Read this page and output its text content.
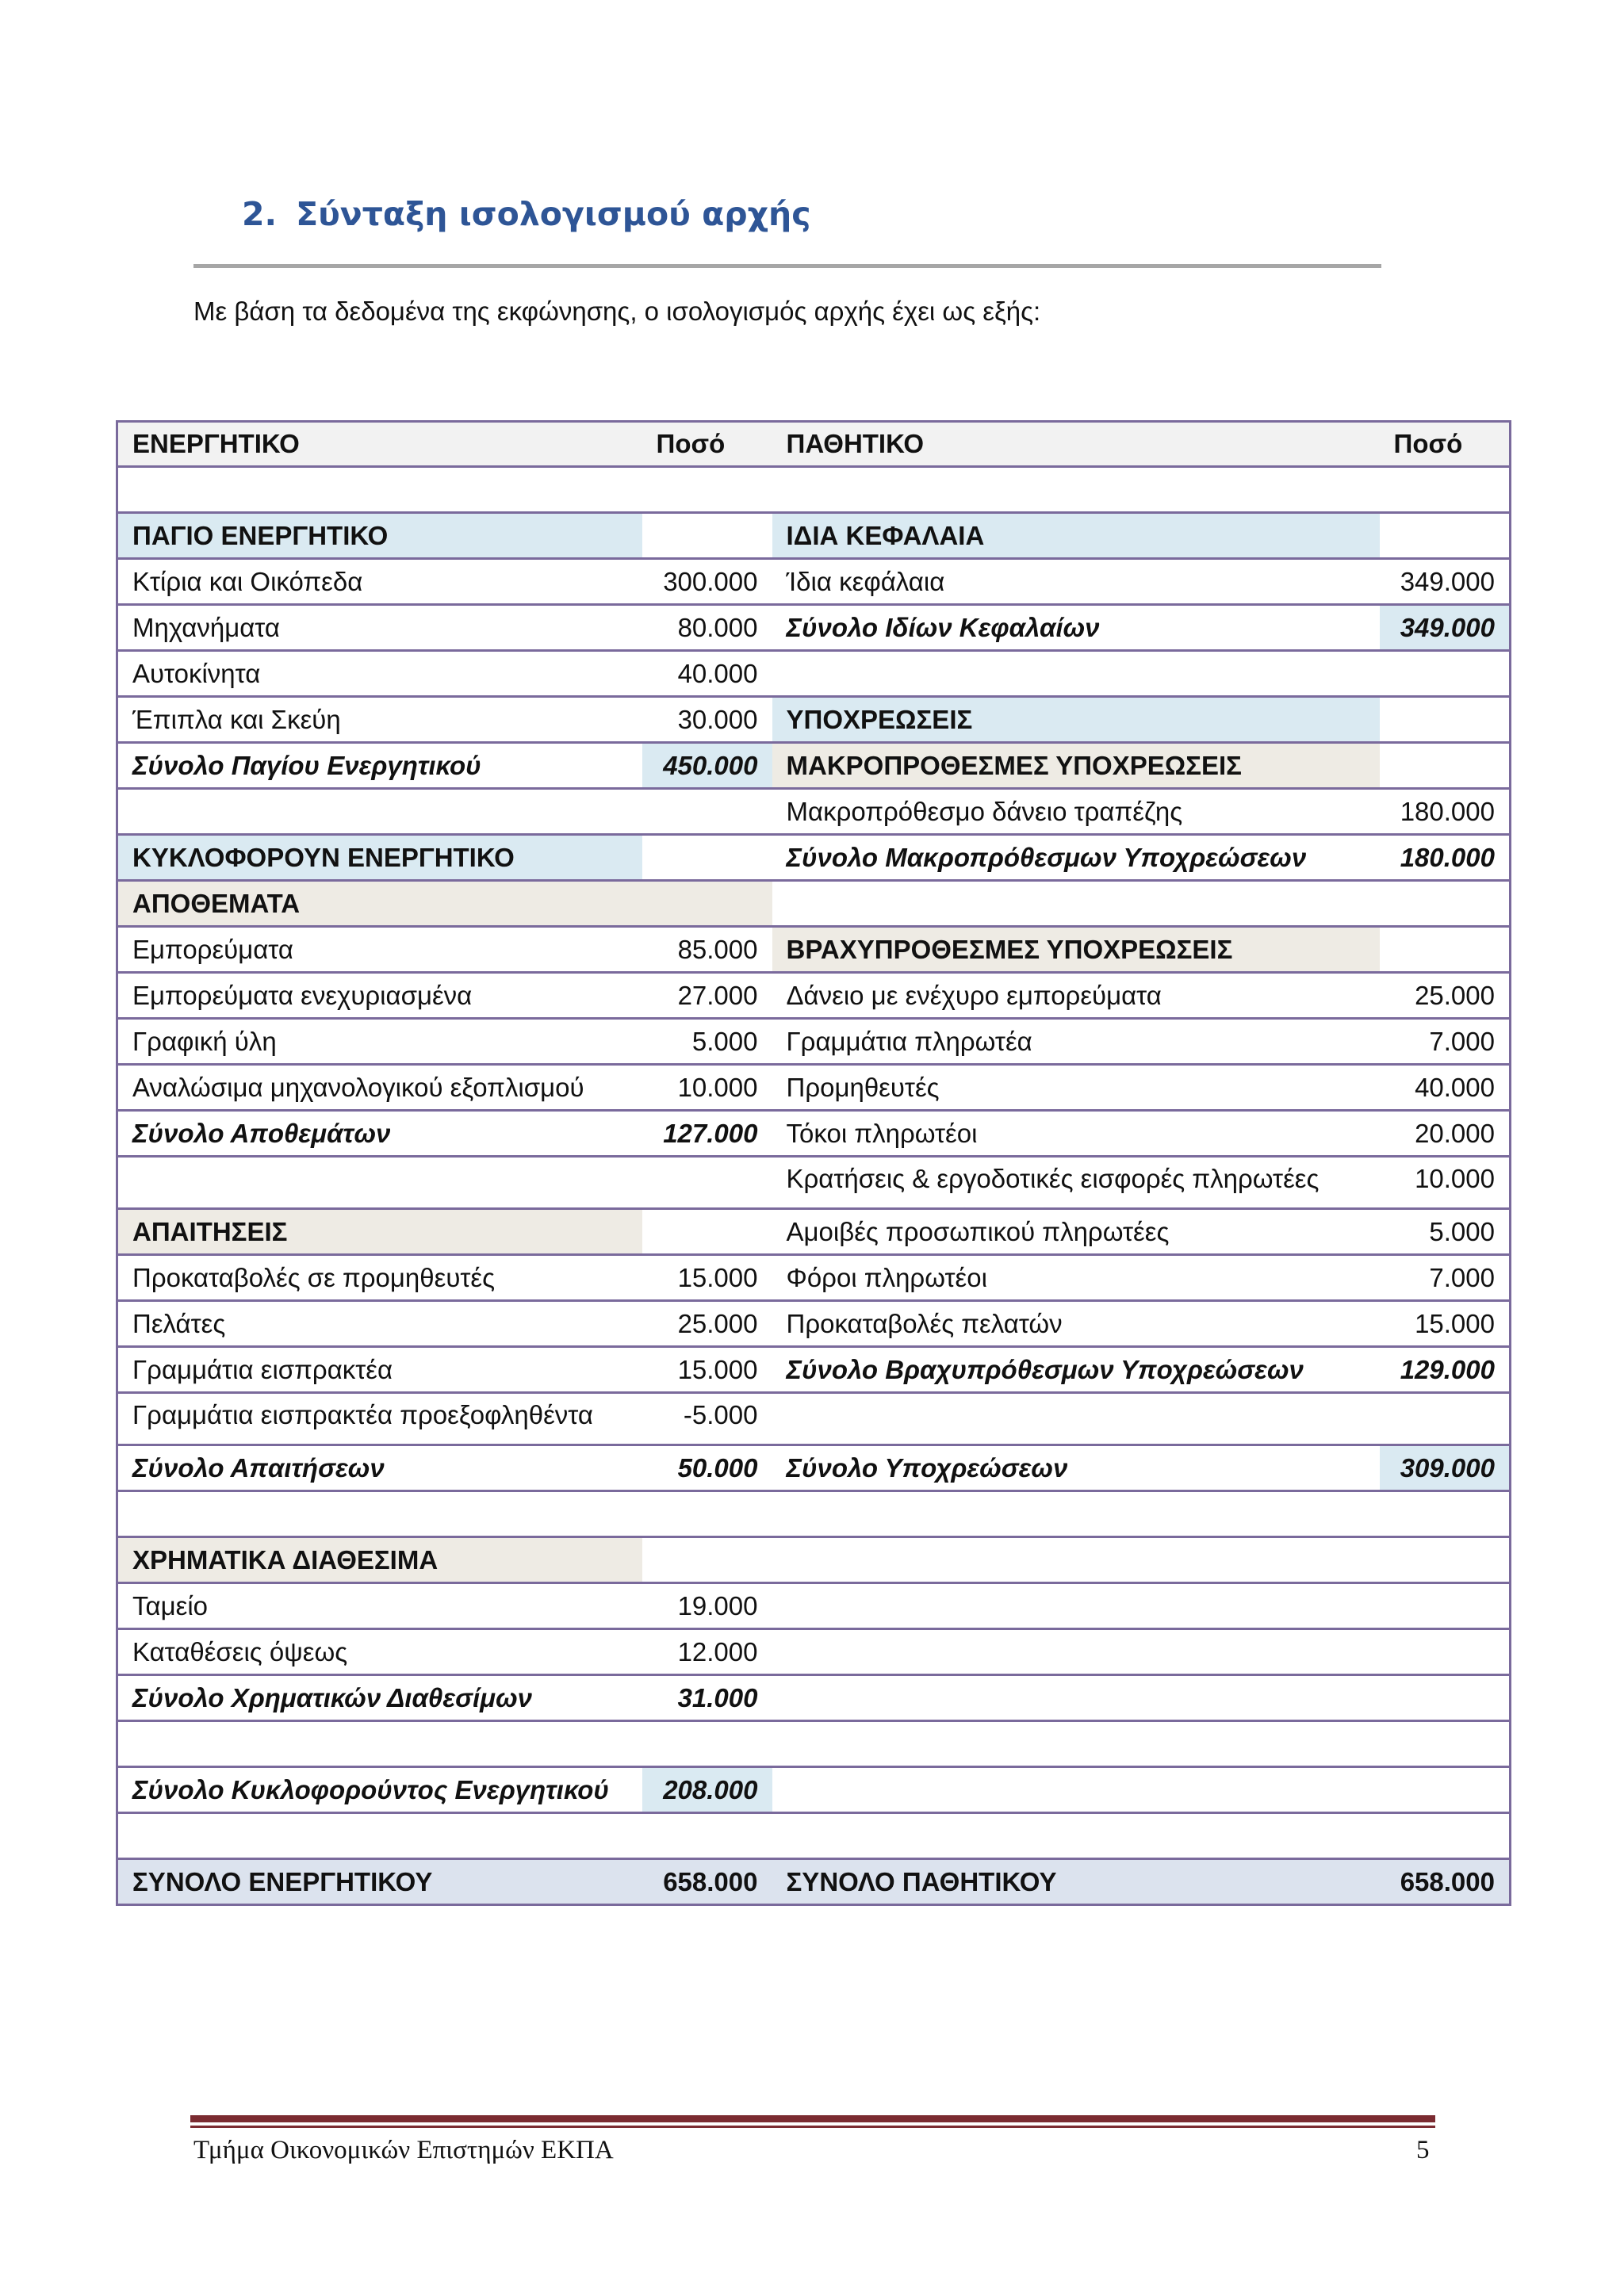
2. Σύνταξη ισολογισμού αρχής

Με βάση τα δεδομένα της εκφώνησης, ο ισολογισμός αρχής έχει ως εξής:

ΕΝΕΡΓΗΤΙΚΟ	Ποσό	ΠΑΘΗΤΙΚΟ	Ποσό

ΠΑΓΙΟ ΕΝΕΡΓΗΤΙΚΟ		ΙΔΙΑ ΚΕΦΑΛΑΙΑ	
Κτίρια και Οικόπεδα	300.000	Ίδια κεφάλαια	349.000
Μηχανήματα	80.000	Σύνολο Ιδίων Κεφαλαίων	349.000
Αυτοκίνητα	40.000		
Έπιπλα και Σκεύη	30.000	ΥΠΟΧΡΕΩΣΕΙΣ	
Σύνολο Παγίου Ενεργητικού	450.000	ΜΑΚΡΟΠΡΟΘΕΣΜΕΣ ΥΠΟΧΡΕΩΣΕΙΣ	
		Μακροπρόθεσμο δάνειο τραπέζης	180.000
ΚΥΚΛΟΦΟΡΟΥΝ ΕΝΕΡΓΗΤΙΚΟ		Σύνολο Μακροπρόθεσμων Υποχρεώσεων	180.000
ΑΠΟΘΕΜΑΤΑ			
Εμπορεύματα	85.000	ΒΡΑΧΥΠΡΟΘΕΣΜΕΣ ΥΠΟΧΡΕΩΣΕΙΣ	
Εμπορεύματα ενεχυριασμένα	27.000	Δάνειο με ενέχυρο εμπορεύματα	25.000
Γραφική ύλη	5.000	Γραμμάτια πληρωτέα	7.000
Αναλώσιμα μηχανολογικού εξοπλισμού	10.000	Προμηθευτές	40.000
Σύνολο Αποθεμάτων	127.000	Τόκοι πληρωτέοι	20.000
		Κρατήσεις & εργοδοτικές εισφορές πληρωτέες	10.000
ΑΠΑΙΤΗΣΕΙΣ		Αμοιβές προσωπικού πληρωτέες	5.000
Προκαταβολές σε προμηθευτές	15.000	Φόροι πληρωτέοι	7.000
Πελάτες	25.000	Προκαταβολές πελατών	15.000
Γραμμάτια εισπρακτέα	15.000	Σύνολο Βραχυπρόθεσμων Υποχρεώσεων	129.000
Γραμμάτια εισπρακτέα προεξοφληθέντα	-5.000		
Σύνολο Απαιτήσεων	50.000	Σύνολο Υποχρεώσεων	309.000

ΧΡΗΜΑΤΙΚΑ ΔΙΑΘΕΣΙΜΑ			
Ταμείο	19.000		
Καταθέσεις όψεως	12.000		
Σύνολο Χρηματικών Διαθεσίμων	31.000		

Σύνολο Κυκλοφορούντος Ενεργητικού	208.000		

ΣΥΝΟΛΟ ΕΝΕΡΓΗΤΙΚΟΥ	658.000	ΣΥΝΟΛΟ ΠΑΘΗΤΙΚΟΥ	658.000

Τμήμα Οικονομικών Επιστημών ΕΚΠΑ	5
